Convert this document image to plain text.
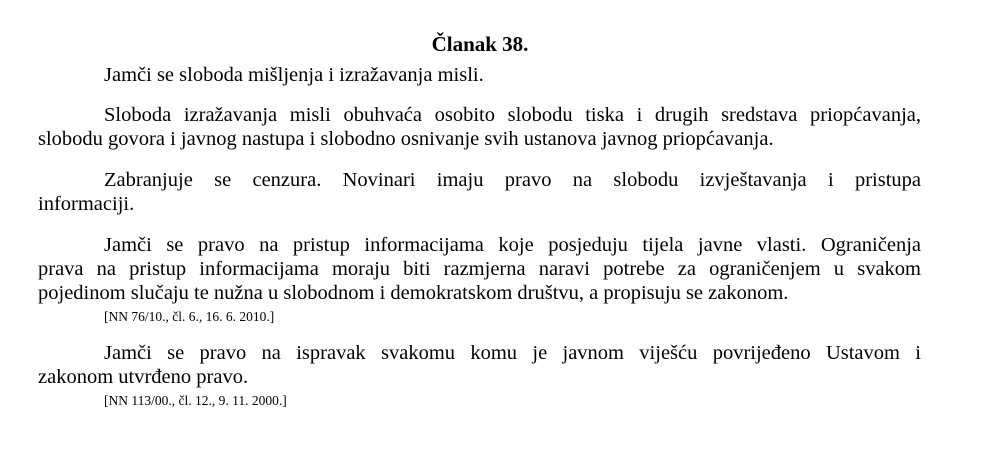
Članak 38.
Jamči se sloboda mišljenja i izražavanja misli.
Sloboda izražavanja misli obuhvaća osobito slobodu tiska i drugih sredstava priopćavanja,
slobodu govora i javnog nastupa i slobodno osnivanje svih ustanova javnog priopćavanja.
Zabranjuje se cenzura. Novinari imaju pravo na slobodu izvještavanja i pristupa
informaciji.
Jamči se pravo na pristup informacijama koje posjeduju tijela javne vlasti. Ograničenja
prava na pristup informacijama moraju biti razmjerna naravi potrebe za ograničenjem u svakom
pojedinom slučaju te nužna u slobodnom i demokratskom društvu, a propisuju se zakonom.
[NN 76/10., čl. 6., 16. 6. 2010.]
Jamči se pravo na ispravak svakomu komu je javnom viješću povrijeđeno Ustavom i
zakonom utvrđeno pravo.
[NN 113/00., čl. 12., 9. 11. 2000.]
